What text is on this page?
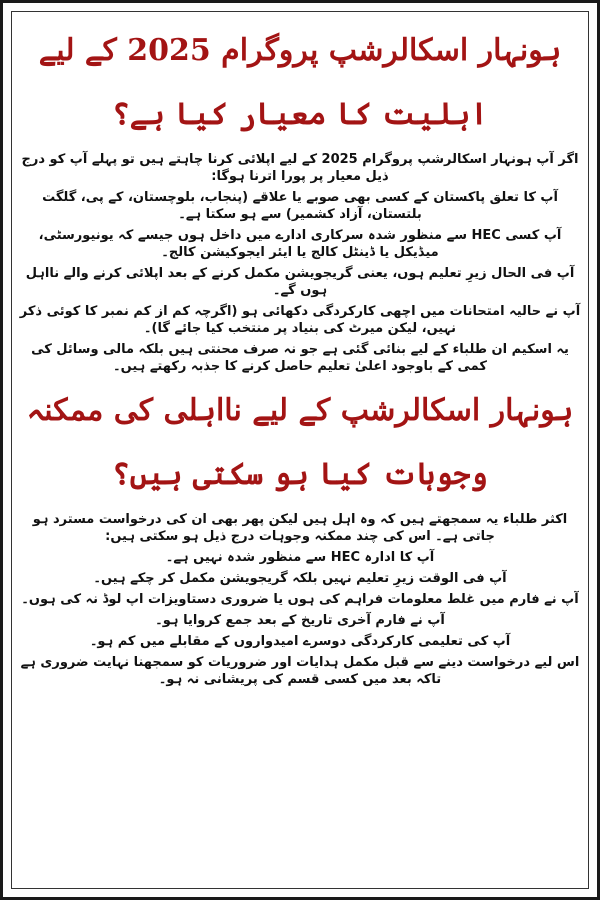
ہونہار اسکالرشپ پروگرام 2025 کے لیے
اہلیت کا معیار کیا ہے؟

اگر آپ ہونہار اسکالرشپ پروگرام 2025 کے لیے اپلائی کرنا چاہتے ہیں تو پہلے آپ کو درج ذیل معیار پر پورا اترنا ہوگا:

آپ کا تعلق پاکستان کے کسی بھی صوبے یا علاقے (پنجاب، بلوچستان، کے پی، گلگت بلتستان، آزاد کشمیر) سے ہو سکتا ہے۔

آپ کسی HEC سے منظور شدہ سرکاری ادارے میں داخل ہوں جیسے کہ یونیورسٹی، میڈیکل یا ڈینٹل کالج یا ایئر ایجوکیشن کالج۔

آپ فی الحال زیرِ تعلیم ہوں، یعنی گریجویشن مکمل کرنے کے بعد اپلائی کرنے والے نااہل ہوں گے۔

آپ نے حالیہ امتحانات میں اچھی کارکردگی دکھائی ہو (اگرچہ کم از کم نمبر کا کوئی ذکر نہیں، لیکن میرٹ کی بنیاد پر منتخب کیا جائے گا)۔

یہ اسکیم ان طلباء کے لیے بنائی گئی ہے جو نہ صرف محنتی ہیں بلکہ مالی وسائل کی کمی کے باوجود اعلیٰ تعلیم حاصل کرنے کا جذبہ رکھتے ہیں۔

ہونہار اسکالرشپ کے لیے نااہلی کی ممکنہ
وجوہات کیا ہو سکتی ہیں؟

اکثر طلباء یہ سمجھتے ہیں کہ وہ اہل ہیں لیکن پھر بھی ان کی درخواست مسترد ہو جاتی ہے۔ اس کی چند ممکنہ وجوہات درج ذیل ہو سکتی ہیں:

آپ کا ادارہ HEC سے منظور شدہ نہیں ہے۔

آپ فی الوقت زیرِ تعلیم نہیں بلکہ گریجویشن مکمل کر چکے ہیں۔

آپ نے فارم میں غلط معلومات فراہم کی ہوں یا ضروری دستاویزات اپ لوڈ نہ کی ہوں۔

آپ نے فارم آخری تاریخ کے بعد جمع کروایا ہو۔

آپ کی تعلیمی کارکردگی دوسرے امیدواروں کے مقابلے میں کم ہو۔

اس لیے درخواست دینے سے قبل مکمل ہدایات اور ضروریات کو سمجھنا نہایت ضروری ہے تاکہ بعد میں کسی قسم کی پریشانی نہ ہو۔
